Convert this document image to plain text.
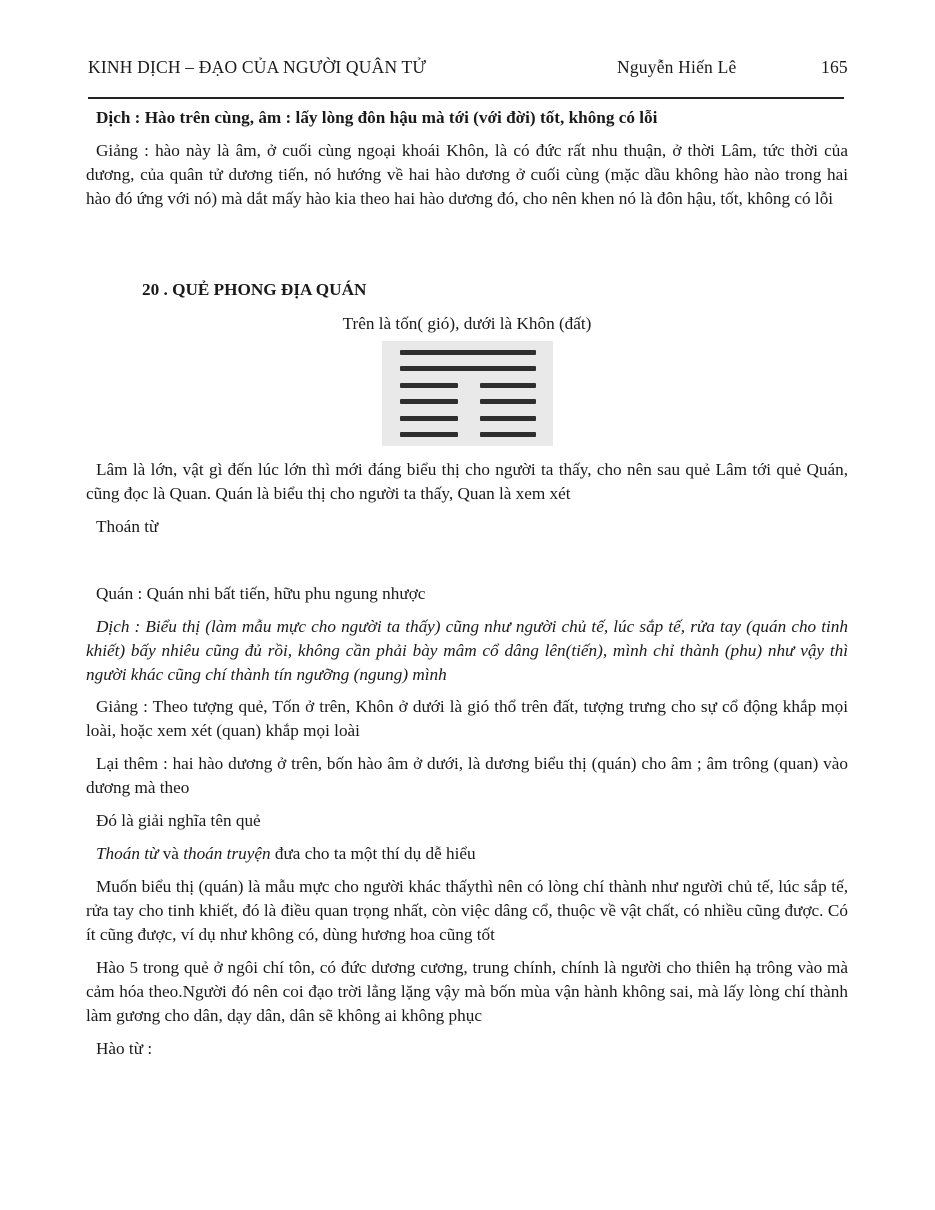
KINH DỊCH – ĐẠO CỦA NGƯỜI QUÂN TỬ	Nguyễn Hiến Lê	165

Dịch : Hào trên cùng, âm : lấy lòng đôn hậu mà tới (với đời) tốt, không có lỗi

Giảng : hào này là âm, ở cuối cùng ngoại khoái Khôn, là có đức rất nhu thuận, ở thời Lâm, tức thời của dương, của quân tử dương tiến, nó hướng về hai hào dương ở cuối cùng (mặc dầu không hào nào trong hai hào đó ứng với nó) mà dắt mấy hào kia theo hai hào dương đó, cho nên khen nó là đôn hậu, tốt, không có lỗi

20 . QUẺ PHONG ĐỊA QUÁN

Trên là tốn( gió), dưới là Khôn (đất)

Lâm là lớn, vật gì đến lúc lớn thì mới đáng biểu thị cho người ta thấy, cho nên sau quẻ Lâm tới quẻ Quán, cũng đọc là Quan. Quán là biểu thị cho người ta thấy, Quan là xem xét

Thoán từ

Quán : Quán nhi bất tiến, hữu phu ngung nhược

Dịch : Biểu thị (làm mẫu mực cho người ta thấy) cũng như người chủ tế, lúc sắp tế, rửa tay (quán cho tinh khiết) bấy nhiêu cũng đủ rồi, không cần phải bày mâm cổ dâng lên(tiến), mình chỉ thành (phu) như vậy thì người khác cũng chí thành tín ngưỡng (ngung) mình

Giảng : Theo tượng quẻ, Tốn ở trên, Khôn ở dưới là gió thổ trên đất, tượng trưng cho sự cổ động khắp mọi loài, hoặc xem xét (quan) khắp mọi loài

Lại thêm : hai hào dương ở trên, bốn hào âm ở dưới, là dương biểu thị (quán) cho âm ; âm trông (quan) vào dương mà theo

Đó là giải nghĩa tên quẻ

Thoán từ và thoán truyện đưa cho ta một thí dụ dễ hiểu

Muốn biểu thị (quán) là mẫu mực cho người khác thấythì nên có lòng chí thành như người chủ tế, lúc sắp tế, rửa tay cho tinh khiết, đó là điều quan trọng nhất, còn việc dâng cổ, thuộc về vật chất, có nhiều cũng được. Có ít cũng được, ví dụ như không có, dùng hương hoa cũng tốt

Hào 5 trong quẻ ở ngôi chí tôn, có đức dương cương, trung chính, chính là người cho thiên hạ trông vào mà cảm hóa theo.Người đó nên coi đạo trời lẳng lặng vậy mà bốn mùa vận hành không sai, mà lấy lòng chí thành làm gương cho dân, dạy dân, dân sẽ không ai không phục

Hào từ :
